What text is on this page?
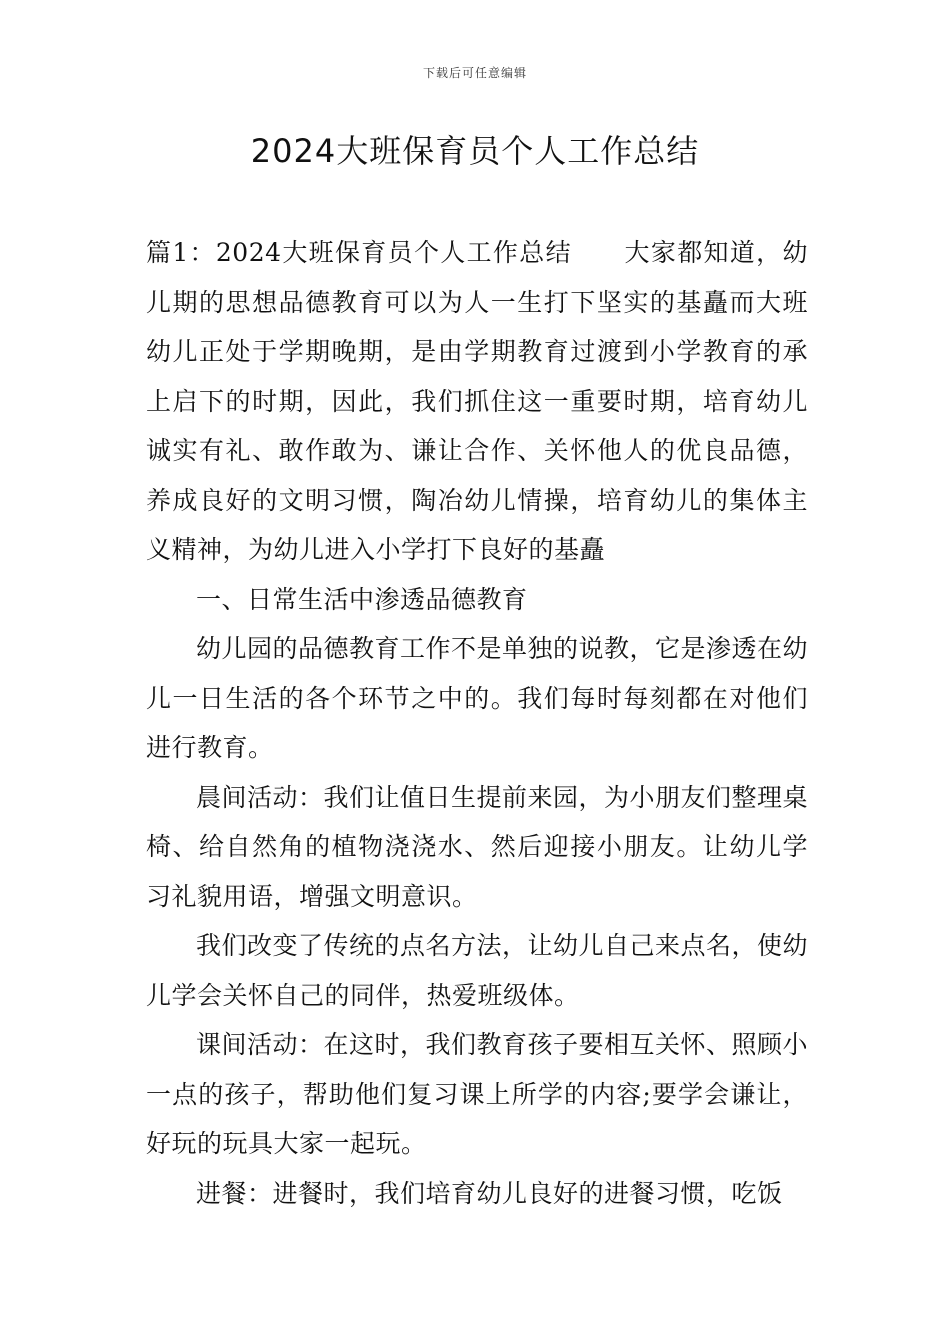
下载后可任意编辑
2024大班保育员个人工作总结

篇1：2024大班保育员个人工作总结　　大家都知道，幼儿期的思想品德教育可以为人一生打下坚实的基矗而大班幼儿正处于学期晚期，是由学期教育过渡到小学教育的承上启下的时期，因此，我们抓住这一重要时期，培育幼儿诚实有礼、敢作敢为、谦让合作、关怀他人的优良品德，养成良好的文明习惯，陶冶幼儿情操，培育幼儿的集体主义精神，为幼儿进入小学打下良好的基矗

一、日常生活中渗透品德教育

幼儿园的品德教育工作不是单独的说教，它是渗透在幼儿一日生活的各个环节之中的。我们每时每刻都在对他们进行教育。

晨间活动：我们让值日生提前来园，为小朋友们整理桌椅、给自然角的植物浇浇水、然后迎接小朋友。让幼儿学习礼貌用语，增强文明意识。

我们改变了传统的点名方法，让幼儿自己来点名，使幼儿学会关怀自己的同伴，热爱班级体。

课间活动：在这时，我们教育孩子要相互关怀、照顾小一点的孩子，帮助他们复习课上所学的内容;要学会谦让，好玩的玩具大家一起玩。

进餐：进餐时，我们培育幼儿良好的进餐习惯，吃饭
